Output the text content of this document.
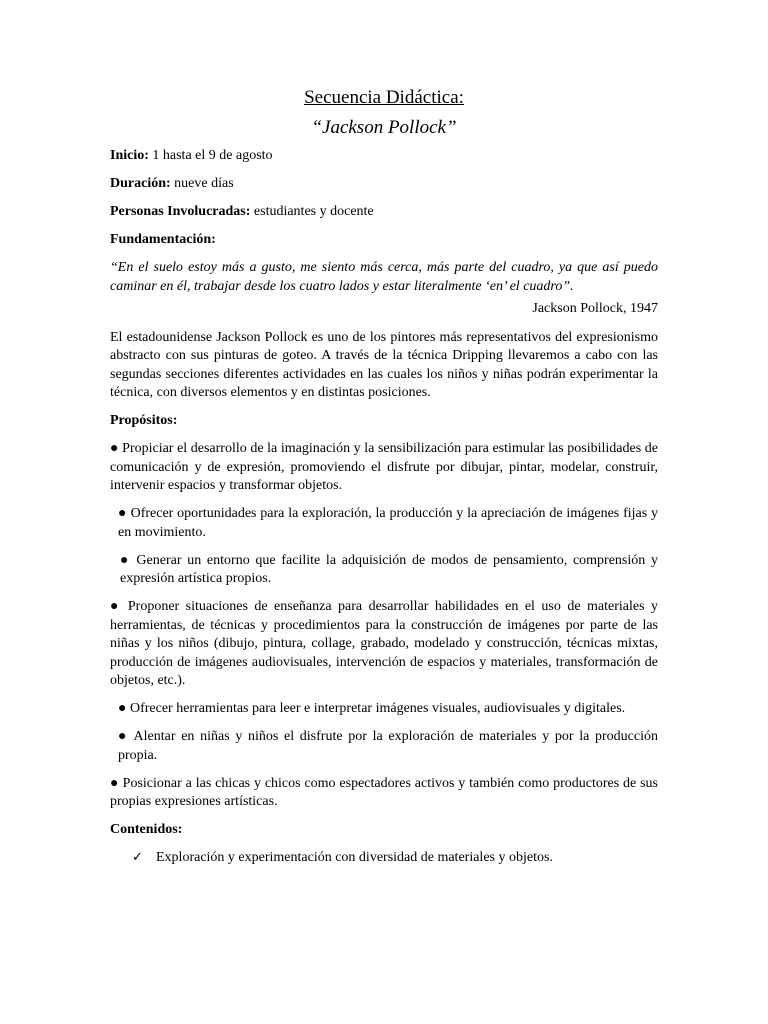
Secuencia Didáctica:
“Jackson Pollock”
Inicio: 1 hasta el 9 de agosto
Duración: nueve días
Personas Involucradas: estudiantes y docente
Fundamentación:
“En el suelo estoy más a gusto, me siento más cerca, más parte del cuadro, ya que así puedo caminar en él, trabajar desde los cuatro lados y estar literalmente ‘en’ el cuadro”.
Jackson Pollock, 1947
El estadounidense Jackson Pollock es uno de los pintores más representativos del expresionismo abstracto con sus pinturas de goteo. A través de la técnica Dripping llevaremos a cabo con las segundas secciones diferentes actividades en las cuales los niños y niñas podrán experimentar la técnica, con diversos elementos y en distintas posiciones.
Propósitos:
● Propiciar el desarrollo de la imaginación y la sensibilización para estimular las posibilidades de comunicación y de expresión, promoviendo el disfrute por dibujar, pintar, modelar, construir, intervenir espacios y transformar objetos.
● Ofrecer oportunidades para la exploración, la producción y la apreciación de imágenes fijas y en movimiento.
● Generar un entorno que facilite la adquisición de modos de pensamiento, comprensión y expresión artística propios.
● Proponer situaciones de enseñanza para desarrollar habilidades en el uso de materiales y herramientas, de técnicas y procedimientos para la construcción de imágenes por parte de las niñas y los niños (dibujo, pintura, collage, grabado, modelado y construcción, técnicas mixtas, producción de imágenes audiovisuales, intervención de espacios y materiales, transformación de objetos, etc.).
● Ofrecer herramientas para leer e interpretar imágenes visuales, audiovisuales y digitales.
● Alentar en niñas y niños el disfrute por la exploración de materiales y por la producción propia.
● Posicionar a las chicas y chicos como espectadores activos y también como productores de sus propias expresiones artísticas.
Contenidos:
✓ Exploración y experimentación con diversidad de materiales y objetos.
